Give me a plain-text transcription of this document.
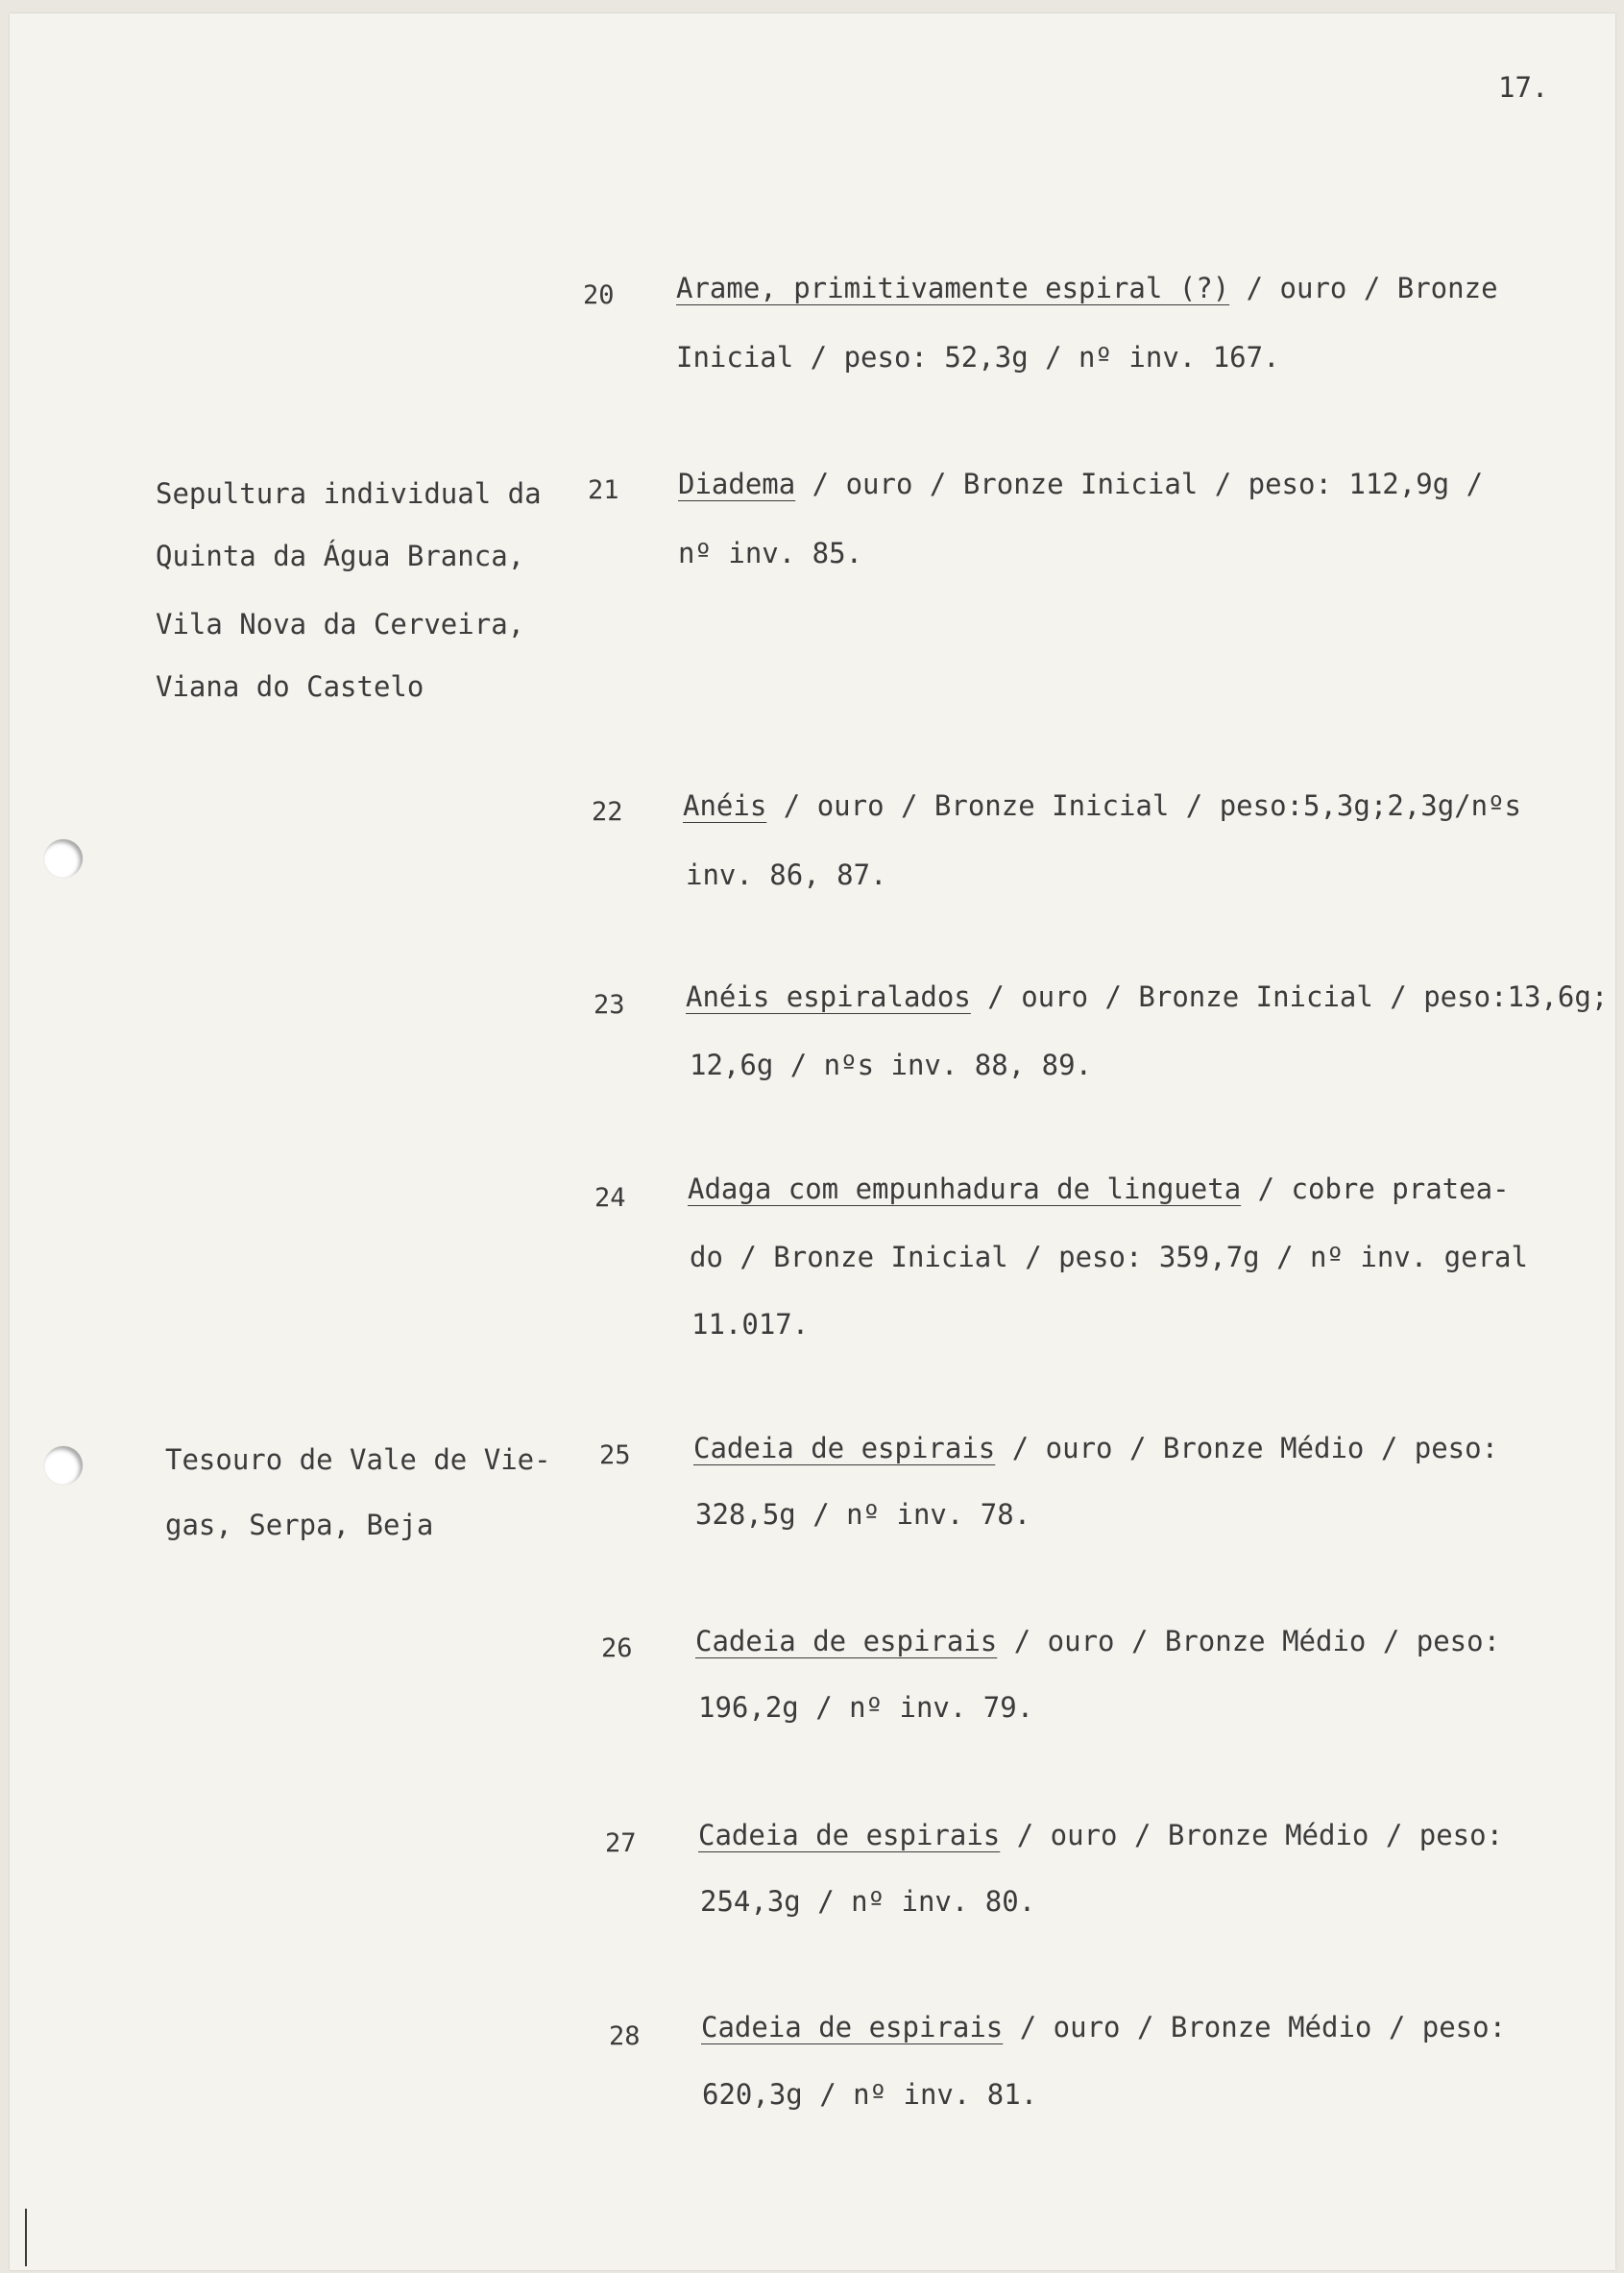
17.
Sepultura individual da
Quinta da Água Branca,
Vila Nova da Cerveira,
Viana do Castelo
Tesouro de Vale de Vie-
gas, Serpa, Beja
20 Arame, primitivamente espiral (?) / ouro / Bronze
Inicial / peso: 52,3g / nº inv. 167.
21 Diadema / ouro / Bronze Inicial / peso: 112,9g /
nº inv. 85.
22 Anéis / ouro / Bronze Inicial / peso:5,3g;2,3g/nºs
inv. 86, 87.
23 Anéis espiralados / ouro / Bronze Inicial / peso:13,6g;
12,6g / nºs inv. 88, 89.
24 Adaga com empunhadura de lingueta / cobre pratea-
do / Bronze Inicial / peso: 359,7g / nº inv. geral
11.017.
25 Cadeia de espirais / ouro / Bronze Médio / peso:
328,5g / nº inv. 78.
26 Cadeia de espirais / ouro / Bronze Médio / peso:
196,2g / nº inv. 79.
27 Cadeia de espirais / ouro / Bronze Médio / peso:
254,3g / nº inv. 80.
28 Cadeia de espirais / ouro / Bronze Médio / peso:
620,3g / nº inv. 81.
